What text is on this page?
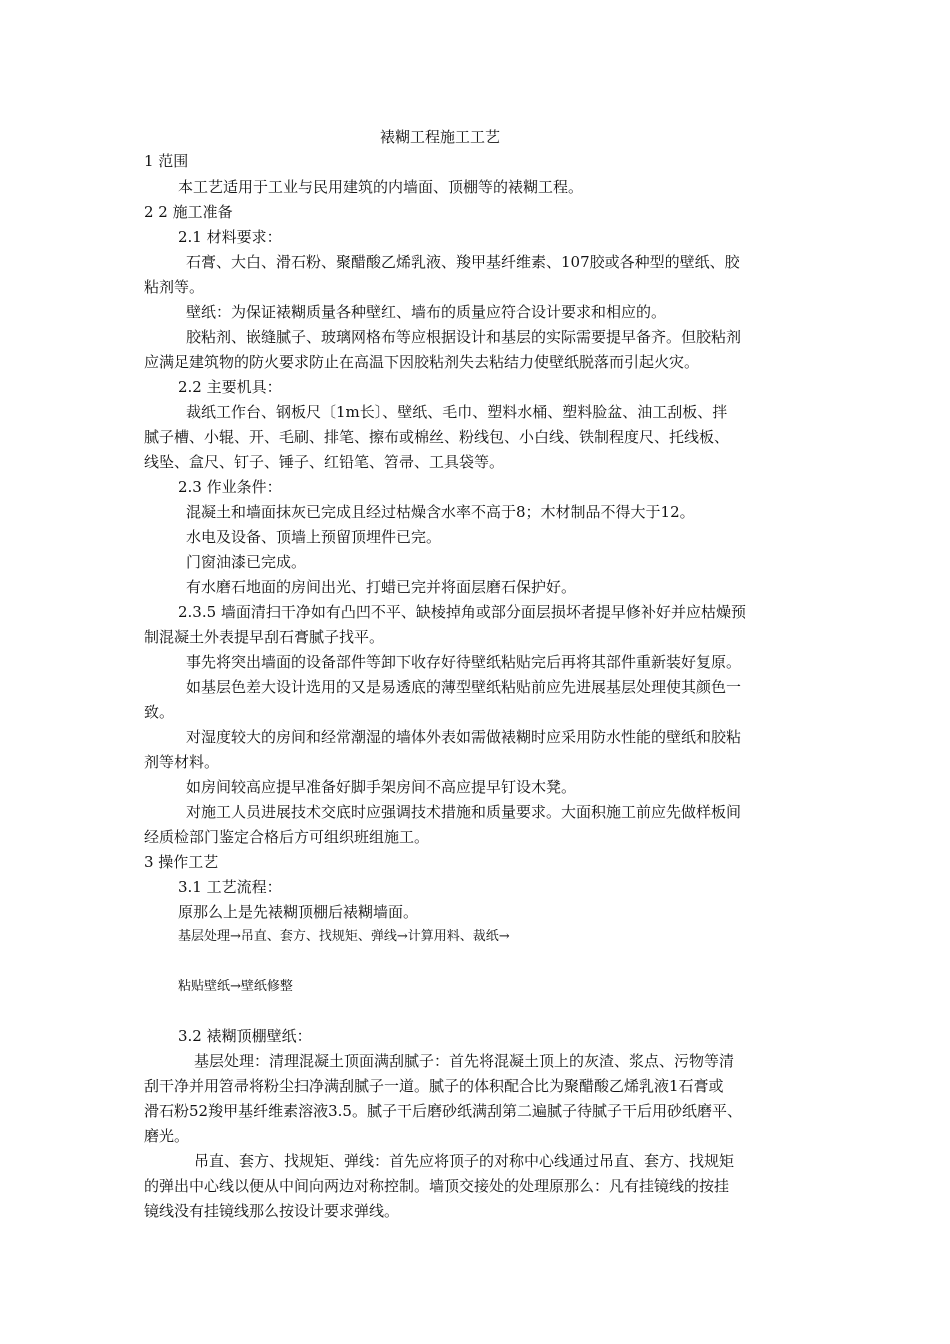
裱糊工程施工工艺
1 范围
本工艺适用于工业与民用建筑的内墙面、顶棚等的裱糊工程。
2 2 施工准备
2.1 材料要求：
石膏、大白、滑石粉、聚醋酸乙烯乳液、羧甲基纤维素、107胶或各种型的壁纸、胶
粘剂等。
壁纸：为保证裱糊质量各种壁红、墙布的质量应符合设计要求和相应的。
胶粘剂、嵌缝腻子、玻璃网格布等应根据设计和基层的实际需要提早备齐。但胶粘剂
应满足建筑物的防火要求防止在高温下因胶粘剂失去粘结力使壁纸脱落而引起火灾。
2.2 主要机具：
裁纸工作台、钢板尺〔1m长〕、壁纸、毛巾、塑料水桶、塑料脸盆、油工刮板、拌
腻子槽、小辊、开、毛刷、排笔、擦布或棉丝、粉线包、小白线、铁制程度尺、托线板、
线坠、盒尺、钉子、锤子、红铅笔、笤帚、工具袋等。
2.3 作业条件：
混凝土和墙面抹灰已完成且经过枯燥含水率不高于8；木材制品不得大于12。
水电及设备、顶墙上预留顶埋件已完。
门窗油漆已完成。
有水磨石地面的房间出光、打蜡已完并将面层磨石保护好。
2.3.5 墙面清扫干净如有凸凹不平、缺棱掉角或部分面层损坏者提早修补好并应枯燥预
制混凝土外表提早刮石膏腻子找平。
事先将突出墙面的设备部件等卸下收存好待壁纸粘贴完后再将其部件重新装好复原。
如基层色差大设计选用的又是易透底的薄型壁纸粘贴前应先进展基层处理使其颜色一
致。
对湿度较大的房间和经常潮湿的墙体外表如需做裱糊时应采用防水性能的壁纸和胶粘
剂等材料。
如房间较高应提早准备好脚手架房间不高应提早钉设木凳。
对施工人员进展技术交底时应强调技术措施和质量要求。大面积施工前应先做样板间
经质检部门鉴定合格后方可组织班组施工。
3 操作工艺
3.1 工艺流程：
原那么上是先裱糊顶棚后裱糊墙面。
基层处理→吊直、套方、找规矩、弹线→计算用料、裁纸→
粘贴壁纸→壁纸修整
3.2 裱糊顶棚壁纸：
基层处理：清理混凝土顶面满刮腻子：首先将混凝土顶上的灰渣、浆点、污物等清
刮干净并用笤帚将粉尘扫净满刮腻子一道。腻子的体积配合比为聚醋酸乙烯乳液1石膏或
滑石粉52羧甲基纤维素溶液3.5。腻子干后磨砂纸满刮第二遍腻子待腻子干后用砂纸磨平、
磨光。
吊直、套方、找规矩、弹线：首先应将顶子的对称中心线通过吊直、套方、找规矩
的弹出中心线以便从中间向两边对称控制。墙顶交接处的处理原那么：凡有挂镜线的按挂
镜线没有挂镜线那么按设计要求弹线。
